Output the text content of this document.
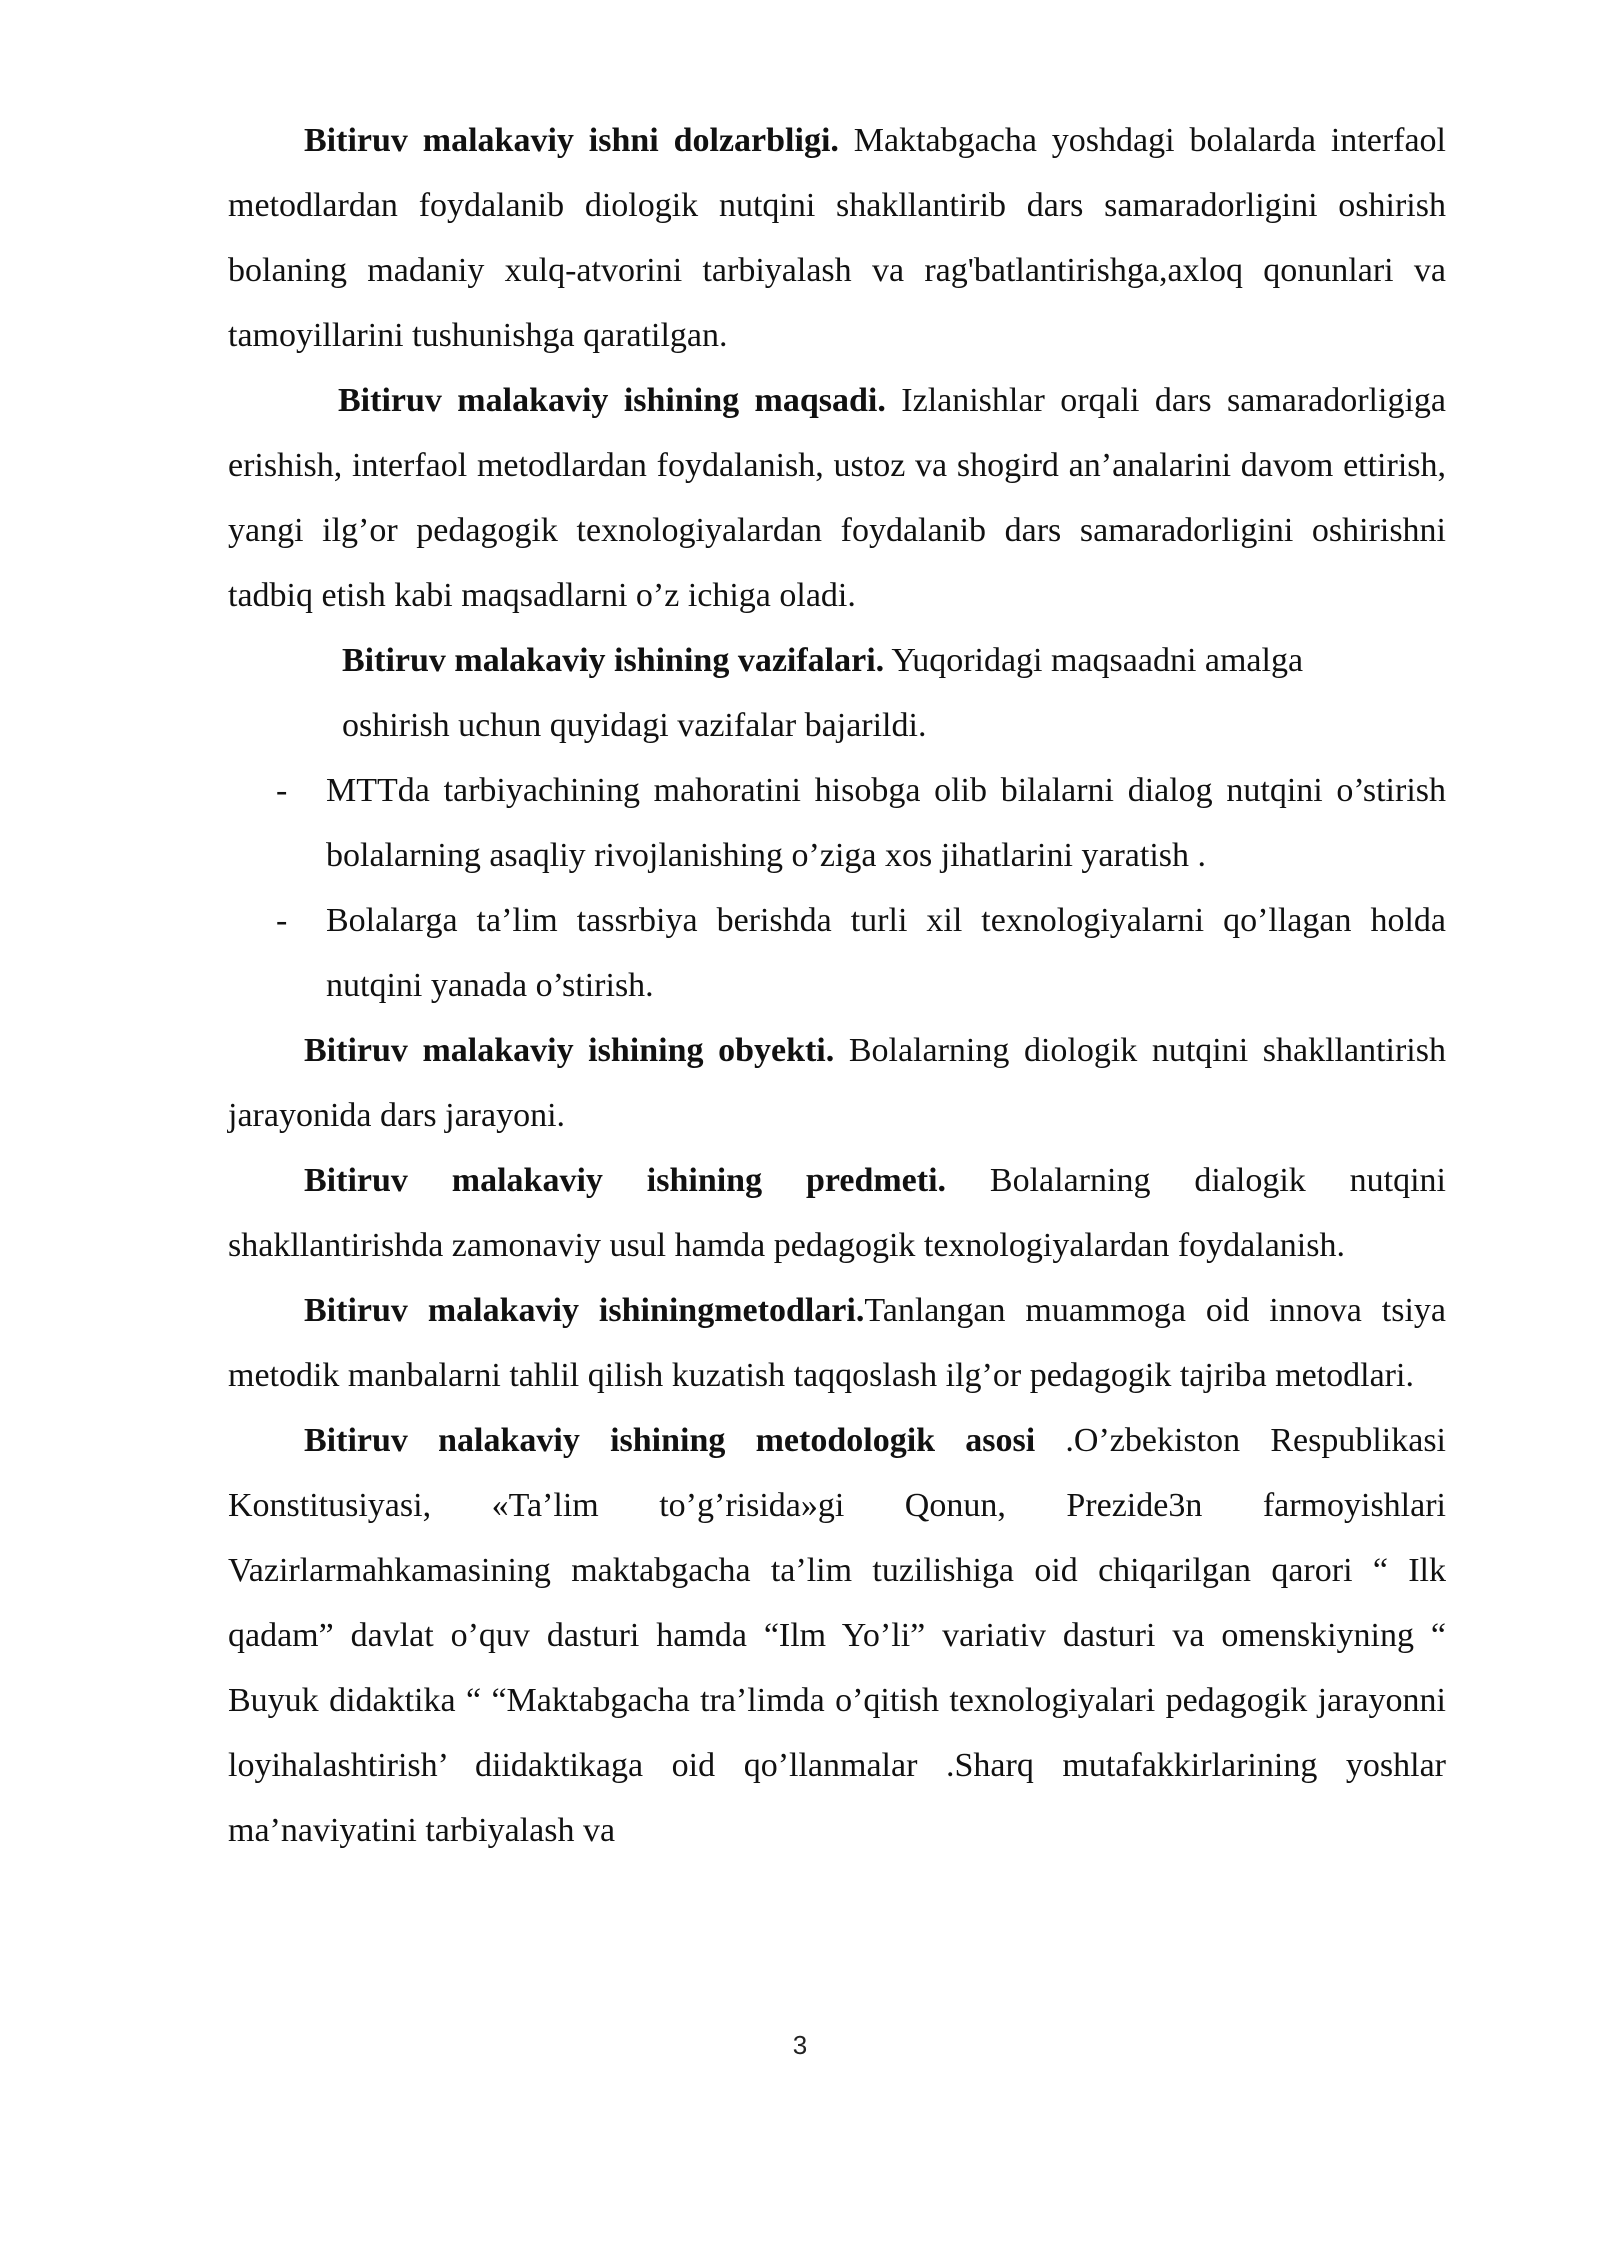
Bitiruv malakaviy ishni dolzarbligi. Maktabgacha yoshdagi bolalarda interfaol metodlardan foydalanib diologik nutqini shakllantirib dars samaradorligini oshirish bolaning madaniy xulq-atvorini tarbiyalash va rag'batlantirishga,axloq qonunlari va tamoyillarini tushunishga qaratilgan.

Bitiruv malakaviy ishining maqsadi. Izlanishlar orqali dars samaradorligiga erishish, interfaol metodlardan foydalanish, ustoz va shogird an’analarini davom ettirish, yangi ilg’or pedagogik texnologiyalardan foydalanib dars samaradorligini oshirishni tadbiq etish kabi maqsadlarni o’z ichiga oladi.

Bitiruv malakaviy ishining vazifalari. Yuqoridagi maqsaadni amalga oshirish uchun quyidagi vazifalar bajarildi.

- MTTda tarbiyachining mahoratini hisobga olib bilalarni dialog nutqini o’stirish bolalarning asaqliy rivojlanishing o’ziga xos jihatlarini yaratish .

- Bolalarga ta’lim tassrbiya berishda turli xil texnologiyalarni qo’llagan holda nutqini yanada o’stirish.

Bitiruv malakaviy ishining obyekti. Bolalarning diologik nutqini shakllantirish jarayonida dars jarayoni.

Bitiruv malakaviy ishining predmeti. Bolalarning dialogik nutqini shakllantirishda zamonaviy usul hamda pedagogik texnologiyalardan foydalanish.

Bitiruv malakaviy ishiningmetodlari.Tanlangan muammoga oid innova tsiya metodik manbalarni tahlil qilish kuzatish taqqoslash ilg’or pedagogik tajriba metodlari.

Bitiruv nalakaviy ishining metodologik asosi .O’zbekiston Respublikasi Konstitusiyasi, «Ta’lim to’g’risida»gi Qonun, Prezide3n farmoyishlari Vazirlarmahkamasining maktabgacha ta’lim tuzilishiga oid chiqarilgan qarori “ Ilk qadam” davlat o’quv dasturi hamda “Ilm Yo’li” variativ dasturi va omenskiyning “ Buyuk didaktika “ “Maktabgacha tra’limda o’qitish texnologiyalari pedagogik jarayonni loyihalashtirish’ diidaktikaga oid qo’llanmalar .Sharq mutafakkirlarining yoshlar ma’naviyatini tarbiyalash va

3
